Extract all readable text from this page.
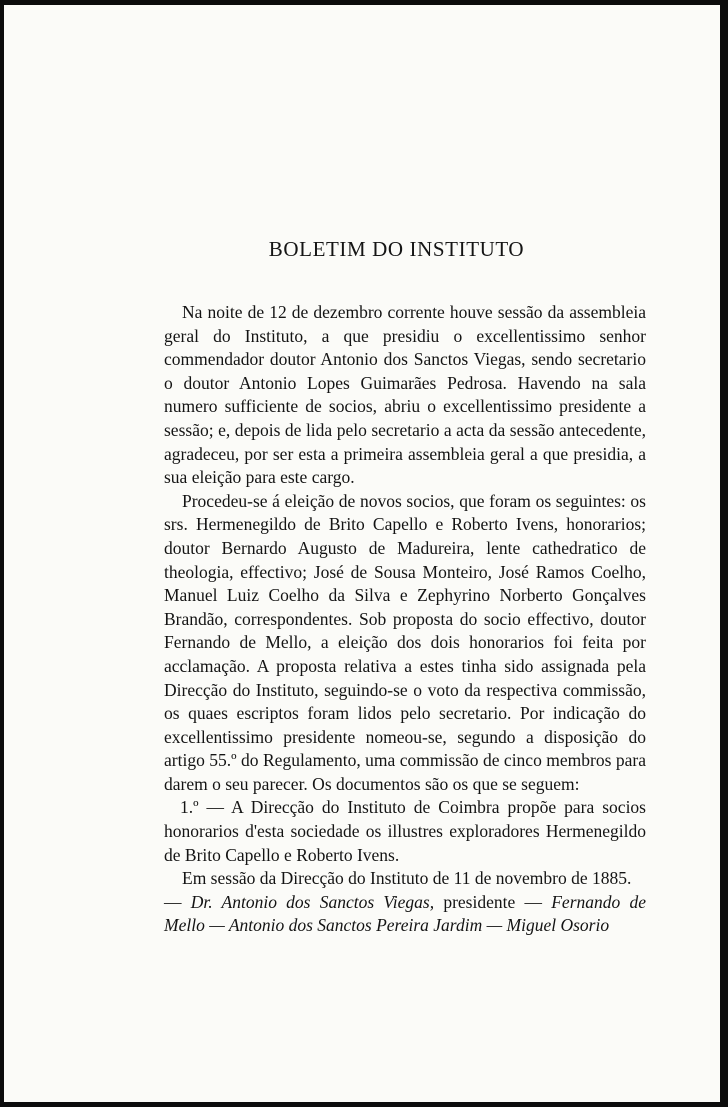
BOLETIM DO INSTITUTO

Na noite de 12 de dezembro corrente houve sessão da assembleia geral do Instituto, a que presidiu o excellentissimo senhor commendador doutor Antonio dos Sanctos Viegas, sendo secretario o doutor Antonio Lopes Guimarães Pedrosa. Havendo na sala numero sufficiente de socios, abriu o excellentissimo presidente a sessão; e, depois de lida pelo secretario a acta da sessão antecedente, agradeceu, por ser esta a primeira assembleia geral a que presidia, a sua eleição para este cargo.

Procedeu-se á eleição de novos socios, que foram os seguintes: os srs. Hermenegildo de Brito Capello e Roberto Ivens, honorarios; doutor Bernardo Augusto de Madureira, lente cathedratico de theologia, effectivo; José de Sousa Monteiro, José Ramos Coelho, Manuel Luiz Coelho da Silva e Zephyrino Norberto Gonçalves Brandão, correspondentes. Sob proposta do socio effectivo, doutor Fernando de Mello, a eleição dos dois honorarios foi feita por acclamação. A proposta relativa a estes tinha sido assignada pela Direcção do Instituto, seguindo-se o voto da respectiva commissão, os quaes escriptos foram lidos pelo secretario. Por indicação do excellentissimo presidente nomeou-se, segundo a disposição do artigo 55.º do Regulamento, uma commissão de cinco membros para darem o seu parecer. Os documentos são os que se seguem:

1.º — A Direcção do Instituto de Coimbra propõe para socios honorarios d'esta sociedade os illustres exploradores Hermenegildo de Brito Capello e Roberto Ivens.

Em sessão da Direcção do Instituto de 11 de novembro de 1885.

— Dr. Antonio dos Sanctos Viegas, presidente — Fernando de Mello — Antonio dos Sanctos Pereira Jardim — Miguel Osorio
